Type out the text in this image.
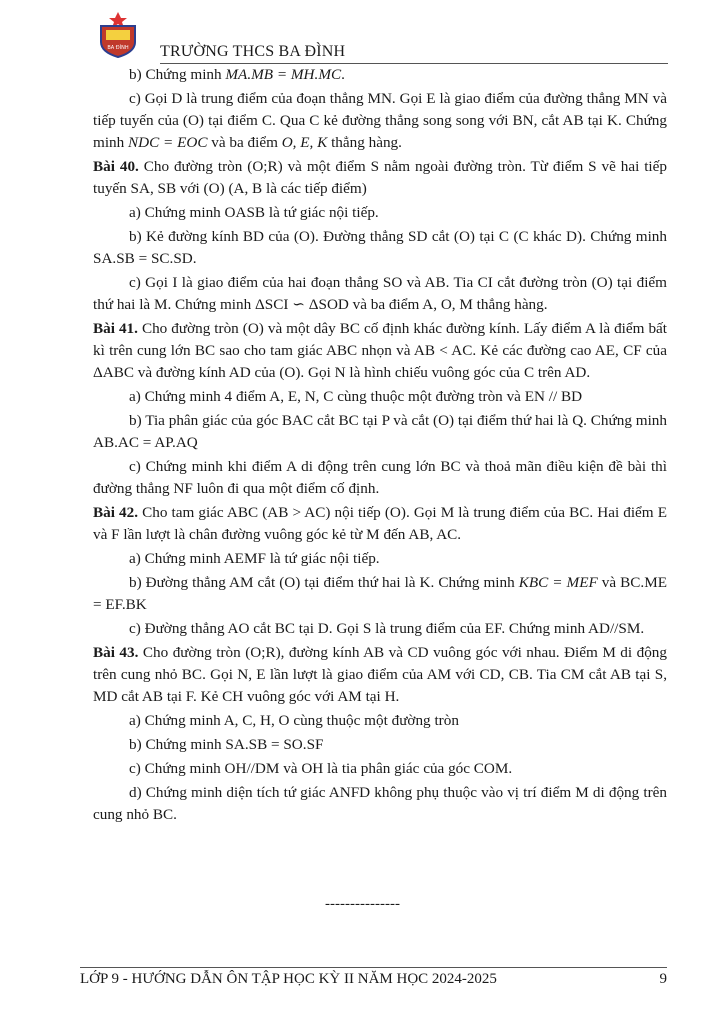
BA ĐÌNH TRƯỜNG THCS BA ĐÌNH

b) Chứng minh MA.MB = MH.MC.

c) Gọi D là trung điểm của đoạn thẳng MN. Gọi E là giao điểm của đường thẳng MN và tiếp tuyến của (O) tại điểm C. Qua C kẻ đường thẳng song song với BN, cắt AB tại K. Chứng minh NDC = EOC và ba điểm O, E, K thẳng hàng.

Bài 40. Cho đường tròn (O;R) và một điểm S nằm ngoài đường tròn. Từ điểm S vẽ hai tiếp tuyến SA, SB với (O) (A, B là các tiếp điểm)

a) Chứng minh OASB là tứ giác nội tiếp.

b) Kẻ đường kính BD của (O). Đường thẳng SD cắt (O) tại C (C khác D). Chứng minh SA.SB = SC.SD.

c) Gọi I là giao điểm của hai đoạn thẳng SO và AB. Tia CI cắt đường tròn (O) tại điểm thứ hai là M. Chứng minh ΔSCI ∽ ΔSOD và ba điểm A, O, M thẳng hàng.

Bài 41. Cho đường tròn (O) và một dây BC cố định khác đường kính. Lấy điểm A là điểm bất kì trên cung lớn BC sao cho tam giác ABC nhọn và AB < AC. Kẻ các đường cao AE, CF của ΔABC và đường kính AD của (O). Gọi N là hình chiếu vuông góc của C trên AD.

a) Chứng minh 4 điểm A, E, N, C cùng thuộc một đường tròn và EN // BD

b) Tia phân giác của góc BAC cắt BC tại P và cắt (O) tại điểm thứ hai là Q. Chứng minh AB.AC = AP.AQ

c) Chứng minh khi điểm A di động trên cung lớn BC và thoả mãn điều kiện đề bài thì đường thẳng NF luôn đi qua một điểm cố định.

Bài 42. Cho tam giác ABC (AB > AC) nội tiếp (O). Gọi M là trung điểm của BC. Hai điểm E và F lần lượt là chân đường vuông góc kẻ từ M đến AB, AC.

a) Chứng minh AEMF là tứ giác nội tiếp.

b) Đường thẳng AM cắt (O) tại điểm thứ hai là K. Chứng minh KBC = MEF và BC.ME = EF.BK

c) Đường thẳng AO cắt BC tại D. Gọi S là trung điểm của EF. Chứng minh AD//SM.

Bài 43. Cho đường tròn (O;R), đường kính AB và CD vuông góc với nhau. Điểm M di động trên cung nhỏ BC. Gọi N, E lần lượt là giao điểm của AM với CD, CB. Tia CM cắt AB tại S, MD cắt AB tại F. Kẻ CH vuông góc với AM tại H.

a) Chứng minh A, C, H, O cùng thuộc một đường tròn

b) Chứng minh SA.SB = SO.SF

c) Chứng minh OH//DM và OH là tia phân giác của góc COM.

d) Chứng minh diện tích tứ giác ANFD không phụ thuộc vào vị trí điểm M di động trên cung nhỏ BC.

---------------
LỚP 9 - HƯỚNG DẪN ÔN TẬP HỌC KỲ II NĂM HỌC 2024-2025	9
